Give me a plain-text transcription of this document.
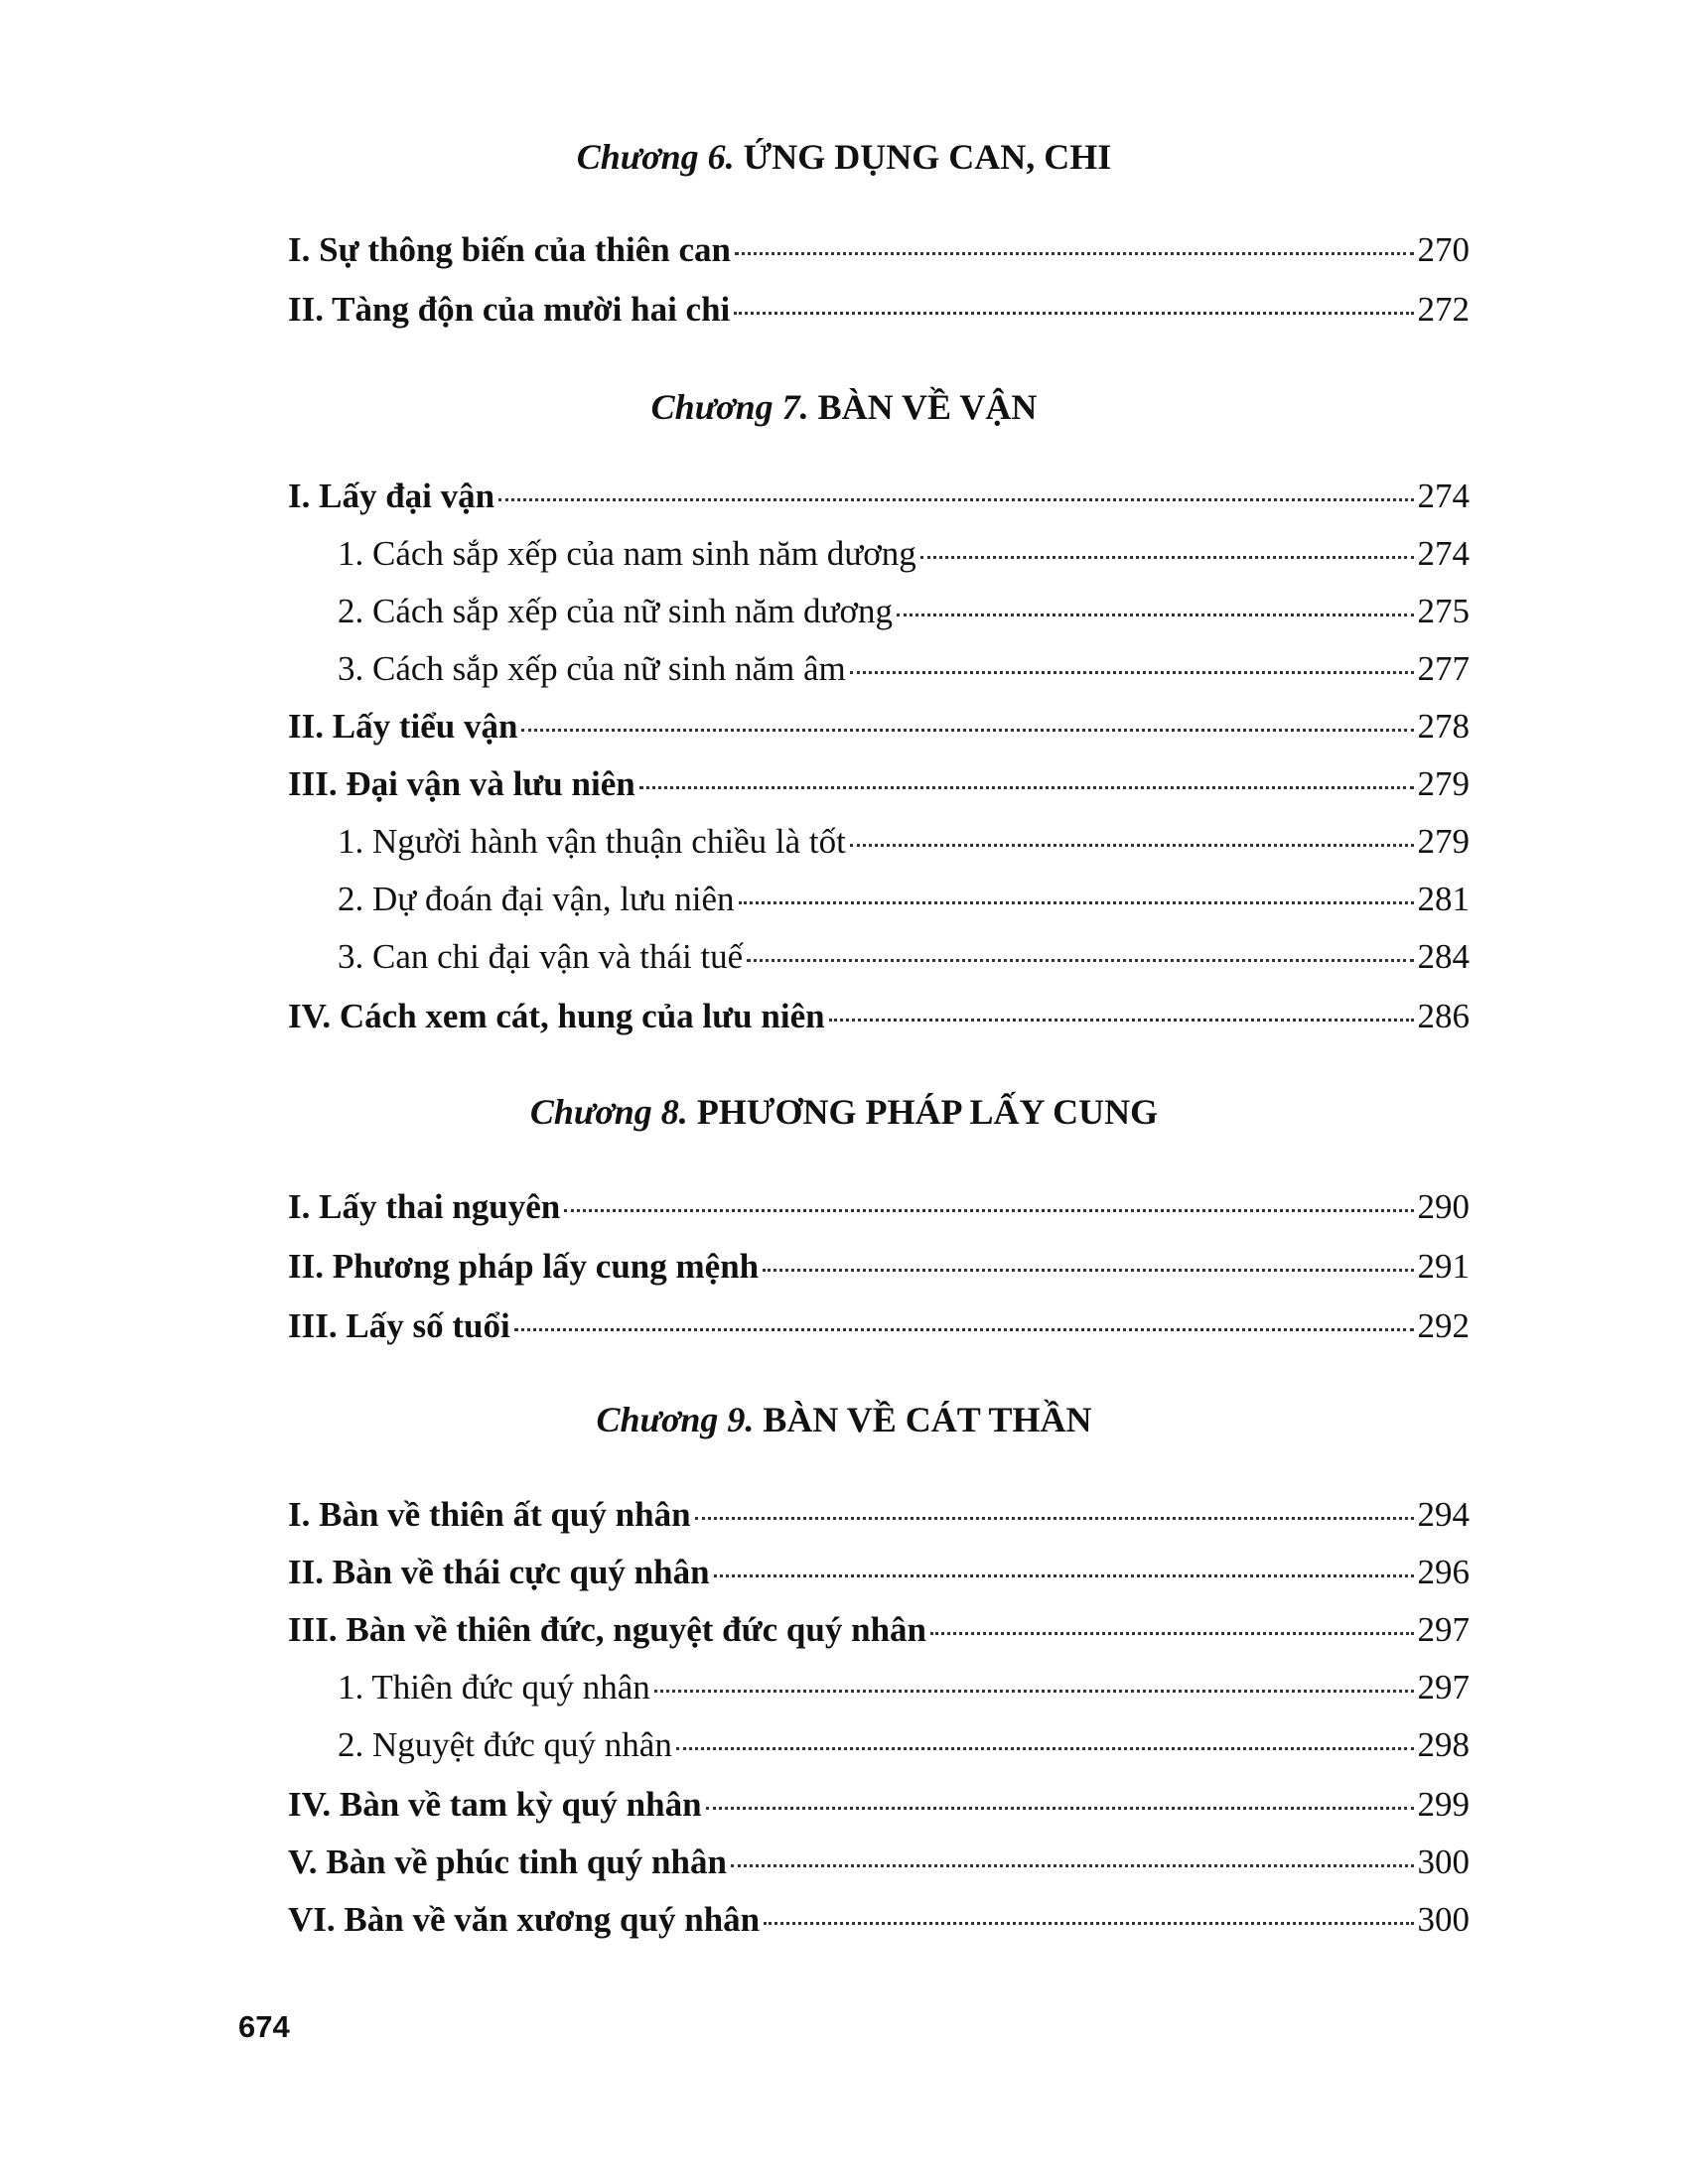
Chương 6. ỨNG DỤNG CAN, CHI
I. Sự thông biến của thiên can	270
II. Tàng độn của mười hai chi	272
Chương 7. BÀN VỀ VẬN
I. Lấy đại vận	274
1. Cách sắp xếp của nam sinh năm dương	274
2. Cách sắp xếp của nữ sinh năm dương	275
3. Cách sắp xếp của nữ sinh năm âm	277
II. Lấy tiểu vận	278
III. Đại vận và lưu niên	279
1. Người hành vận thuận chiều là tốt	279
2. Dự đoán đại vận, lưu niên	281
3. Can chi đại vận và thái tuế	284
IV. Cách xem cát, hung của lưu niên	286
Chương 8. PHƯƠNG PHÁP LẤY CUNG
I. Lấy thai nguyên	290
II. Phương pháp lấy cung mệnh	291
III. Lấy số tuổi	292
Chương 9. BÀN VỀ CÁT THẦN
I. Bàn về thiên ất quý nhân	294
II. Bàn về thái cực quý nhân	296
III. Bàn về thiên đức, nguyệt đức quý nhân	297
1. Thiên đức quý nhân	297
2. Nguyệt đức quý nhân	298
IV. Bàn về tam kỳ quý nhân	299
V. Bàn về phúc tinh quý nhân	300
VI. Bàn về văn xương quý nhân	300
674
